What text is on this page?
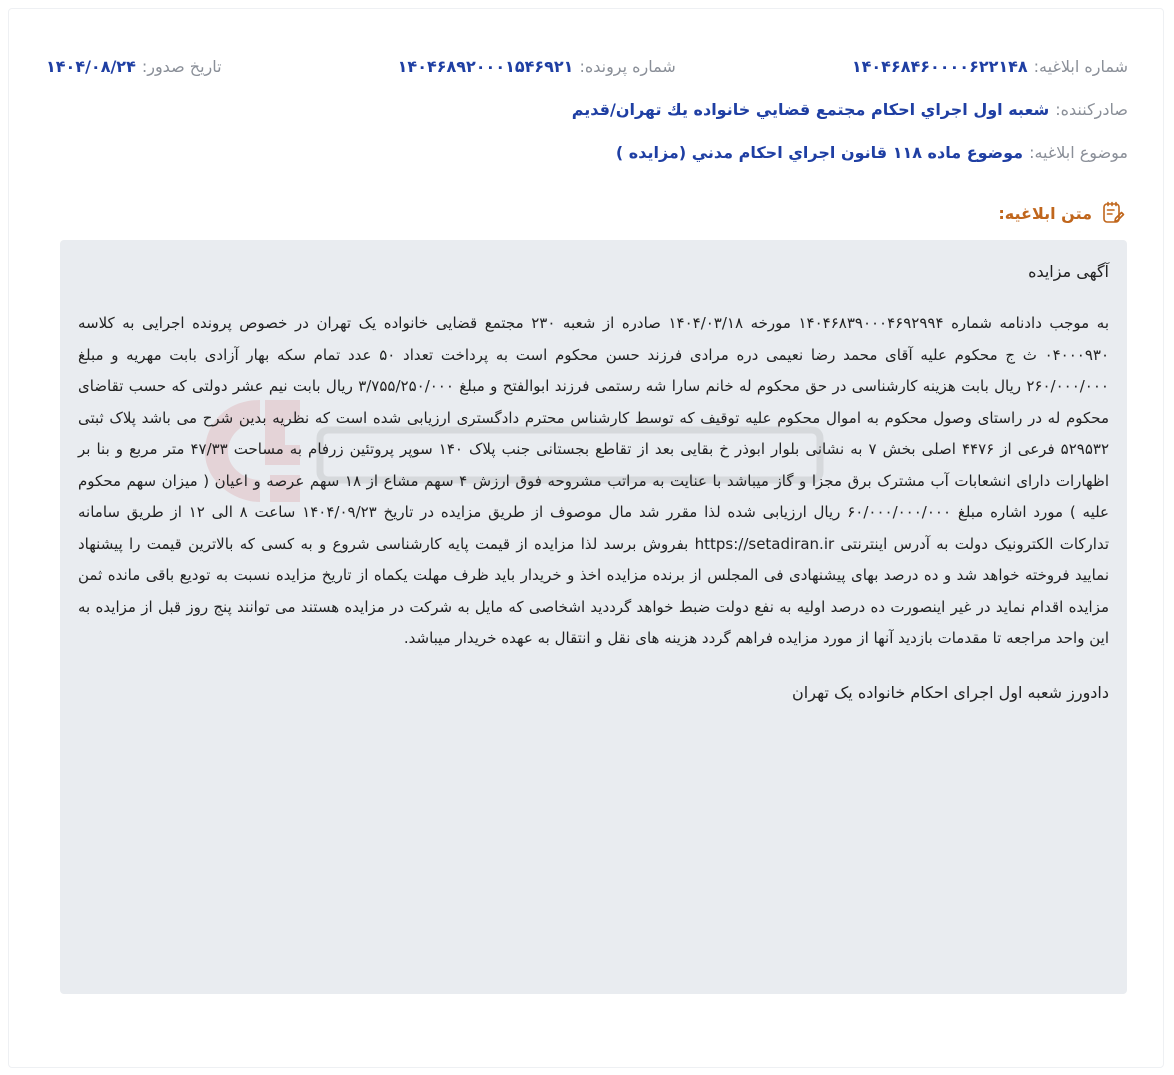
شماره ابلاغیه:
۱۴۰۴۶۸۴۶۰۰۰۰۶۲۲۱۴۸
شماره پرونده:
۱۴۰۴۶۸۹۲۰۰۰۱۵۴۶۹۲۱
تاریخ صدور:
۱۴۰۴/۰۸/۲۴
صادرکننده:
شعبه اول اجراي احكام مجتمع قضايي خانواده يك تهران/قديم
موضوع ابلاغیه:
موضوع ماده ۱۱۸ قانون اجراي احكام مدني (مزايده )
متن ابلاغیه:

آگهی مزایده

به موجب دادنامه شماره ۱۴۰۴۶۸۳۹۰۰۰۴۶۹۲۹۹۴ مورخه ۱۴۰۴/۰۳/۱۸ صادره از شعبه ۲۳۰ مجتمع قضایی خانواده یک تهران در خصوص پرونده اجرایی به کلاسه ۰۴۰۰۰۹۳۰ ث ج محکوم علیه آقای محمد رضا نعیمی دره مرادی فرزند حسن محکوم است به پرداخت تعداد ۵۰ عدد تمام سکه بهار آزادی بابت مهریه و مبلغ ۲۶۰/۰۰۰/۰۰۰ ریال بابت هزینه کارشناسی در حق محکوم له خانم سارا شه رستمی فرزند ابوالفتح و مبلغ ۳/۷۵۵/۲۵۰/۰۰۰ ریال بابت نیم عشر دولتی که حسب تقاضای محکوم له در راستای وصول محکوم به اموال محکوم علیه توقیف که توسط کارشناس محترم دادگستری ارزیابی شده است که نظریه بدین شرح می باشد پلاک ثبتی ۵۲۹۵۳۲ فرعی از ۴۴۷۶ اصلی بخش ۷ به نشانی بلوار ابوذر خ بقایی بعد از تقاطع بجستانی جنب پلاک ۱۴۰ سوپر پروتئین زرفام به مساحت ۴۷/۳۳ متر مربع و بنا بر اظهارات دارای انشعابات آب مشترک برق مجزا و گاز میباشد با عنایت به مراتب مشروحه فوق ارزش ۴ سهم مشاع از ۱۸ سهم عرصه و اعیان ( میزان سهم محکوم علیه ) مورد اشاره مبلغ ۶۰/۰۰۰/۰۰۰/۰۰۰ ریال ارزیابی شده لذا مقرر شد مال موصوف از طریق مزایده در تاریخ ۱۴۰۴/۰۹/۲۳ ساعت ۸ الی ۱۲ از طریق سامانه تدارکات الکترونیک دولت به آدرس اینترنتی https://setadiran.ir بفروش برسد لذا مزایده از قیمت پایه کارشناسی شروع و به کسی که بالاترین قیمت را پیشنهاد نمایید فروخته خواهد شد و ده درصد بهای پیشنهادی فی المجلس از برنده مزایده اخذ و خریدار باید ظرف مهلت یکماه از تاریخ مزایده نسبت به تودیع باقی مانده ثمن مزایده اقدام نماید در غیر اینصورت ده درصد اولیه به نفع دولت ضبط خواهد گرددید اشخاصی که مایل به شرکت در مزایده هستند می توانند پنج روز قبل از مزایده به این واحد مراجعه تا مقدمات بازدید آنها از مورد مزایده فراهم گردد هزینه های نقل و انتقال به عهده خریدار میباشد.

دادورز شعبه اول اجرای احکام خانواده یک تهران
